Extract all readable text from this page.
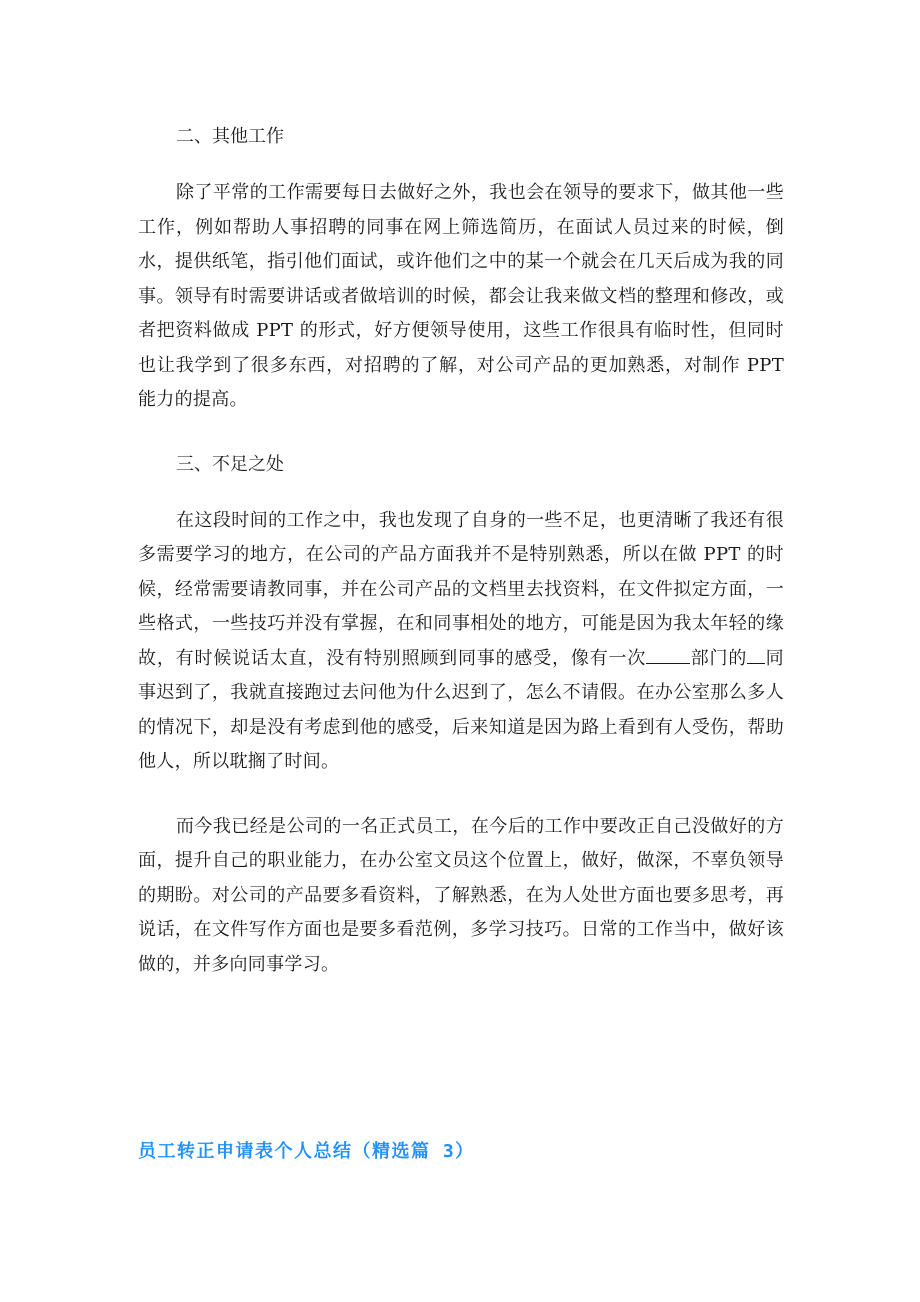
二、其他工作

除了平常的工作需要每日去做好之外，我也会在领导的要求下，做其他一些工作，例如帮助人事招聘的同事在网上筛选简历，在面试人员过来的时候，倒水，提供纸笔，指引他们面试，或许他们之中的某一个就会在几天后成为我的同事。领导有时需要讲话或者做培训的时候，都会让我来做文档的整理和修改，或者把资料做成 PPT 的形式，好方便领导使用，这些工作很具有临时性，但同时也让我学到了很多东西，对招聘的了解，对公司产品的更加熟悉，对制作 PPT 能力的提高。

三、不足之处

在这段时间的工作之中，我也发现了自身的一些不足，也更清晰了我还有很多需要学习的地方，在公司的产品方面我并不是特别熟悉，所以在做 PPT 的时候，经常需要请教同事，并在公司产品的文档里去找资料，在文件拟定方面，一些格式，一些技巧并没有掌握，在和同事相处的地方，可能是因为我太年轻的缘故，有时候说话太直，没有特别照顾到同事的感受，像有一次 部门的 同事迟到了，我就直接跑过去问他为什么迟到了，怎么不请假。在办公室那么多人的情况下，却是没有考虑到他的感受，后来知道是因为路上看到有人受伤，帮助他人，所以耽搁了时间。

而今我已经是公司的一名正式员工，在今后的工作中要改正自己没做好的方面，提升自己的职业能力，在办公室文员这个位置上，做好，做深，不辜负领导的期盼。对公司的产品要多看资料，了解熟悉，在为人处世方面也要多思考，再说话，在文件写作方面也是要多看范例，多学习技巧。日常的工作当中，做好该做的，并多向同事学习。

员工转正申请表个人总结（精选篇 3）
